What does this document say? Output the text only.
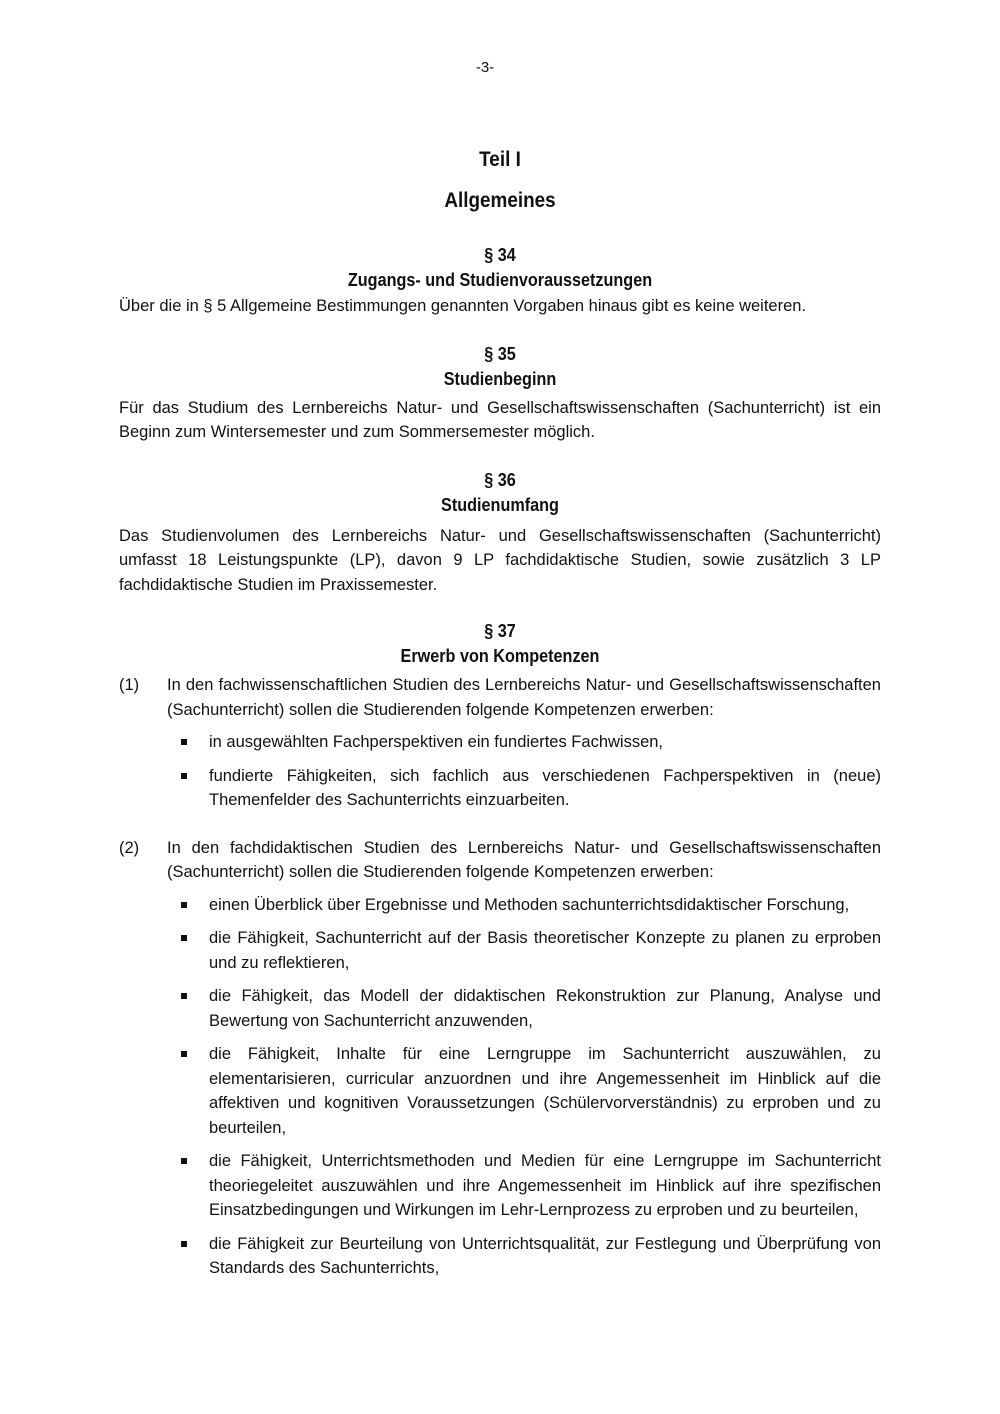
-3-
Teil I
Allgemeines
§ 34
Zugangs- und Studienvoraussetzungen

Über die in § 5 Allgemeine Bestimmungen genannten Vorgaben hinaus gibt es keine weiteren.

§ 35
Studienbeginn

Für das Studium des Lernbereichs Natur- und Gesellschaftswissenschaften (Sachunterricht) ist ein Beginn zum Wintersemester und zum Sommersemester möglich.

§ 36
Studienumfang

Das Studienvolumen des Lernbereichs Natur- und Gesellschaftswissenschaften (Sachunterricht) umfasst 18 Leistungspunkte (LP), davon 9 LP fachdidaktische Studien, sowie zusätzlich 3 LP fachdidaktische Studien im Praxissemester.

§ 37
Erwerb von Kompetenzen
(1)	In den fachwissenschaftlichen Studien des Lernbereichs Natur- und Gesellschaftswissenschaften (Sachunterricht) sollen die Studierenden folgende Kompetenzen erwerben:

in ausgewählten Fachperspektiven ein fundiertes Fachwissen,
fundierte Fähigkeiten, sich fachlich aus verschiedenen Fachperspektiven in (neue) Themenfelder des Sachunterrichts einzuarbeiten.
(2)	In den fachdidaktischen Studien des Lernbereichs Natur- und Gesellschaftswissenschaften (Sachunterricht) sollen die Studierenden folgende Kompetenzen erwerben:

einen Überblick über Ergebnisse und Methoden sachunterrichtsdidaktischer Forschung,
die Fähigkeit, Sachunterricht auf der Basis theoretischer Konzepte zu planen zu erproben und zu reflektieren,
die Fähigkeit, das Modell der didaktischen Rekonstruktion zur Planung, Analyse und Bewertung von Sachunterricht anzuwenden,
die Fähigkeit, Inhalte für eine Lerngruppe im Sachunterricht auszuwählen, zu elementarisieren, curricular anzuordnen und ihre Angemessenheit im Hinblick auf die affektiven und kognitiven Voraussetzungen (Schülervorverständnis) zu erproben und zu beurteilen,
die Fähigkeit, Unterrichtsmethoden und Medien für eine Lerngruppe im Sachunterricht theoriegeleitet auszuwählen und ihre Angemessenheit im Hinblick auf ihre spezifischen Einsatzbedingungen und Wirkungen im Lehr-Lernprozess zu erproben und zu beurteilen,
die Fähigkeit zur Beurteilung von Unterrichtsqualität, zur Festlegung und Überprüfung von Standards des Sachunterrichts,
